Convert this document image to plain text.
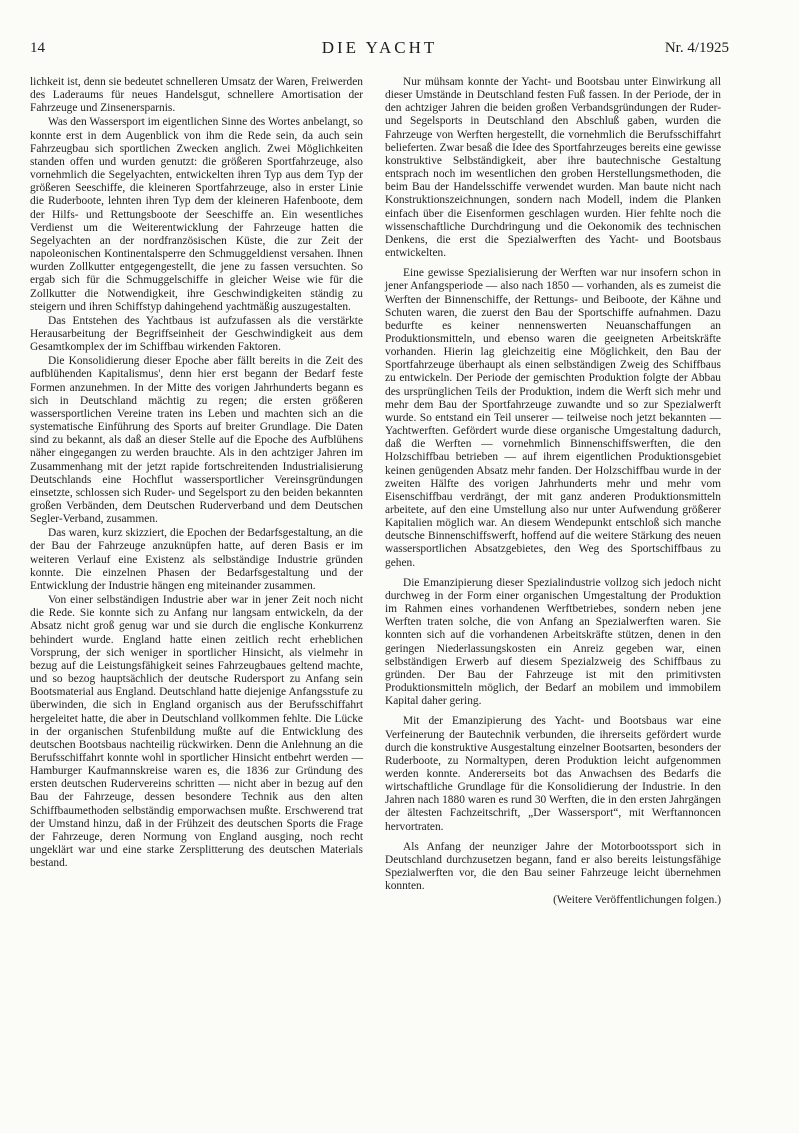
14	DIE YACHT	Nr. 4/1925

lichkeit ist, denn sie bedeutet schnelleren Umsatz der Waren, Freiwerden des Laderaums für neues Handelsgut, schnellere Amortisation der Fahrzeuge und Zinsenersparnis.

Was den Wassersport im eigentlichen Sinne des Wortes anbelangt, so konnte erst in dem Augenblick von ihm die Rede sein, da auch sein Fahrzeugbau sich sportlichen Zwecken anglich. Zwei Möglichkeiten standen offen und wurden genutzt: die größeren Sportfahrzeuge, also vornehmlich die Segelyachten, entwickelten ihren Typ aus dem Typ der größeren Seeschiffe, die kleineren Sportfahrzeuge, also in erster Linie die Ruderboote, lehnten ihren Typ dem der kleineren Hafenboote, dem der Hilfs- und Rettungsboote der Seeschiffe an. Ein wesentliches Verdienst um die Weiterentwicklung der Fahrzeuge hatten die Segelyachten an der nordfranzösischen Küste, die zur Zeit der napoleonischen Kontinentalsperre den Schmuggeldienst versahen. Ihnen wurden Zollkutter entgegengestellt, die jene zu fassen versuchten. So ergab sich für die Schmuggelschiffe in gleicher Weise wie für die Zollkutter die Notwendigkeit, ihre Geschwindigkeiten ständig zu steigern und ihren Schiffstyp dahingehend yachtmäßig auszugestalten.

Das Entstehen des Yachtbaus ist aufzufassen als die verstärkte Herausarbeitung der Begriffseinheit der Geschwindigkeit aus dem Gesamtkomplex der im Schiffbau wirkenden Faktoren.

Die Konsolidierung dieser Epoche aber fällt bereits in die Zeit des aufblühenden Kapitalismus', denn hier erst begann der Bedarf feste Formen anzunehmen. In der Mitte des vorigen Jahrhunderts begann es sich in Deutschland mächtig zu regen; die ersten größeren wassersportlichen Vereine traten ins Leben und machten sich an die systematische Einführung des Sports auf breiter Grundlage. Die Daten sind zu bekannt, als daß an dieser Stelle auf die Epoche des Aufblühens näher eingegangen zu werden brauchte. Als in den achtziger Jahren im Zusammenhang mit der jetzt rapide fortschreitenden Industrialisierung Deutschlands eine Hochflut wassersportlicher Vereinsgründungen einsetzte, schlossen sich Ruder- und Segelsport zu den beiden bekannten großen Verbänden, dem Deutschen Ruderverband und dem Deutschen Segler-Verband, zusammen.

Das waren, kurz skizziert, die Epochen der Bedarfsgestaltung, an die der Bau der Fahrzeuge anzuknüpfen hatte, auf deren Basis er im weiteren Verlauf eine Existenz als selbständige Industrie gründen konnte. Die einzelnen Phasen der Bedarfsgestaltung und der Entwicklung der Industrie hängen eng miteinander zusammen.

Von einer selbständigen Industrie aber war in jener Zeit noch nicht die Rede. Sie konnte sich zu Anfang nur langsam entwickeln, da der Absatz nicht groß genug war und sie durch die englische Konkurrenz behindert wurde. England hatte einen zeitlich recht erheblichen Vorsprung, der sich weniger in sportlicher Hinsicht, als vielmehr in bezug auf die Leistungsfähigkeit seines Fahrzeugbaues geltend machte, und so bezog hauptsächlich der deutsche Rudersport zu Anfang sein Bootsmaterial aus England. Deutschland hatte diejenige Anfangsstufe zu überwinden, die sich in England organisch aus der Berufsschiffahrt hergeleitet hatte, die aber in Deutschland vollkommen fehlte. Die Lücke in der organischen Stufenbildung mußte auf die Entwicklung des deutschen Bootsbaus nachteilig rückwirken. Denn die Anlehnung an die Berufsschiffahrt konnte wohl in sportlicher Hinsicht entbehrt werden — Hamburger Kaufmannskreise waren es, die 1836 zur Gründung des ersten deutschen Rudervereins schritten — nicht aber in bezug auf den Bau der Fahrzeuge, dessen besondere Technik aus den alten Schiffbaumethoden selbständig emporwachsen mußte. Erschwerend trat der Umstand hinzu, daß in der Frühzeit des deutschen Sports die Frage der Fahrzeuge, deren Normung von England ausging, noch recht ungeklärt war und eine starke Zersplitterung des deutschen Materials bestand.

Nur mühsam konnte der Yacht- und Bootsbau unter Einwirkung all dieser Umstände in Deutschland festen Fuß fassen. In der Periode, der in den achtziger Jahren die beiden großen Verbandsgründungen der Ruder- und Segelsports in Deutschland den Abschluß gaben, wurden die Fahrzeuge von Werften hergestellt, die vornehmlich die Berufsschiffahrt belieferten. Zwar besaß die Idee des Sportfahrzeuges bereits eine gewisse konstruktive Selbständigkeit, aber ihre bautechnische Gestaltung entsprach noch im wesentlichen den groben Herstellungsmethoden, die beim Bau der Handelsschiffe verwendet wurden. Man baute nicht nach Konstruktionszeichnungen, sondern nach Modell, indem die Planken einfach über die Eisenformen geschlagen wurden. Hier fehlte noch die wissenschaftliche Durchdringung und die Oekonomik des technischen Denkens, die erst die Spezialwerften des Yacht- und Bootsbaus entwickelten.

Eine gewisse Spezialisierung der Werften war nur insofern schon in jener Anfangsperiode — also nach 1850 — vorhanden, als es zumeist die Werften der Binnenschiffe, der Rettungs- und Beiboote, der Kähne und Schuten waren, die zuerst den Bau der Sportschiffe aufnahmen. Dazu bedurfte es keiner nennenswerten Neuanschaffungen an Produktionsmitteln, und ebenso waren die geeigneten Arbeitskräfte vorhanden. Hierin lag gleichzeitig eine Möglichkeit, den Bau der Sportfahrzeuge überhaupt als einen selbständigen Zweig des Schiffbaus zu entwickeln. Der Periode der gemischten Produktion folgte der Abbau des ursprünglichen Teils der Produktion, indem die Werft sich mehr und mehr dem Bau der Sportfahrzeuge zuwandte und so zur Spezialwerft wurde. So entstand ein Teil unserer — teilweise noch jetzt bekannten — Yachtwerften. Gefördert wurde diese organische Umgestaltung dadurch, daß die Werften — vornehmlich Binnenschiffswerften, die den Holzschiffbau betrieben — auf ihrem eigentlichen Produktionsgebiet keinen genügenden Absatz mehr fanden. Der Holzschiffbau wurde in der zweiten Hälfte des vorigen Jahrhunderts mehr und mehr vom Eisenschiffbau verdrängt, der mit ganz anderen Produktionsmitteln arbeitete, auf den eine Umstellung also nur unter Aufwendung größerer Kapitalien möglich war. An diesem Wendepunkt entschloß sich manche deutsche Binnenschiffswerft, hoffend auf die weitere Stärkung des neuen wassersportlichen Absatzgebietes, den Weg des Sportschiffbaus zu gehen.

Die Emanzipierung dieser Spezialindustrie vollzog sich jedoch nicht durchweg in der Form einer organischen Umgestaltung der Produktion im Rahmen eines vorhandenen Werftbetriebes, sondern neben jene Werften traten solche, die von Anfang an Spezialwerften waren. Sie konnten sich auf die vorhandenen Arbeitskräfte stützen, denen in den geringen Niederlassungskosten ein Anreiz gegeben war, einen selbständigen Erwerb auf diesem Spezialzweig des Schiffbaus zu gründen. Der Bau der Fahrzeuge ist mit den primitivsten Produktionsmitteln möglich, der Bedarf an mobilem und immobilem Kapital daher gering.

Mit der Emanzipierung des Yacht- und Bootsbaus war eine Verfeinerung der Bautechnik verbunden, die ihrerseits gefördert wurde durch die konstruktive Ausgestaltung einzelner Bootsarten, besonders der Ruderboote, zu Normaltypen, deren Produktion leicht aufgenommen werden konnte. Andererseits bot das Anwachsen des Bedarfs die wirtschaftliche Grundlage für die Konsolidierung der Industrie. In den Jahren nach 1880 waren es rund 30 Werften, die in den ersten Jahrgängen der ältesten Fachzeitschrift, „Der Wassersport“, mit Werftannoncen hervortraten.

Als Anfang der neunziger Jahre der Motorbootssport sich in Deutschland durchzusetzen begann, fand er also bereits leistungsfähige Spezialwerften vor, die den Bau seiner Fahrzeuge leicht übernehmen konnten.

(Weitere Veröffentlichungen folgen.)
